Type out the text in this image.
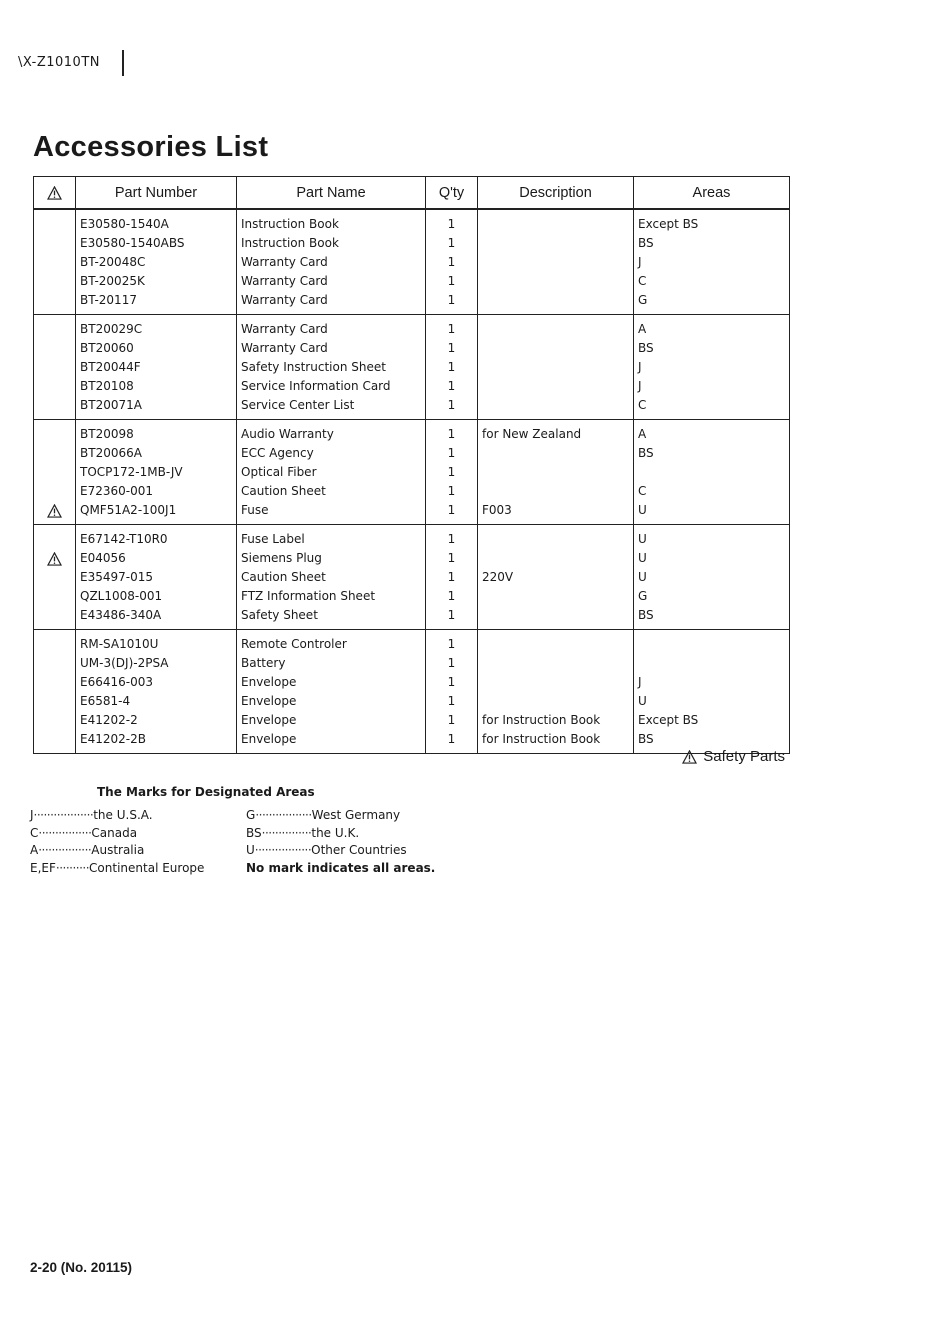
\X-Z1010TN
Accessories List
	Part Number	Part Name	Q'ty	Description	Areas
	E30580-1540A	Instruction Book	1		Except BS
	E30580-1540ABS	Instruction Book	1		BS
	BT-20048C	Warranty Card	1		J
	BT-20025K	Warranty Card	1		C
	BT-20117	Warranty Card	1		G
	BT20029C	Warranty Card	1		A
	BT20060	Warranty Card	1		BS
	BT20044F	Safety Instruction Sheet	1		J
	BT20108	Service Information Card	1		J
	BT20071A	Service Center List	1		C
	BT20098	Audio Warranty	1	for New Zealand	A
	BT20066A	ECC Agency	1		BS
	TOCP172-1MB-JV	Optical Fiber	1		
	E72360-001	Caution Sheet	1		C
	QMF51A2-100J1	Fuse	1	F003	U
	E67142-T10R0	Fuse Label	1		U
	E04056	Siemens Plug	1		U
	E35497-015	Caution Sheet	1	220V	U
	QZL1008-001	FTZ Information Sheet	1		G
	E43486-340A	Safety Sheet	1		BS
	RM-SA1010U	Remote Controler	1		
	UM-3(DJ)-2PSA	Battery	1		
	E66416-003	Envelope	1		J
	E6581-4	Envelope	1		U
	E41202-2	Envelope	1	for Instruction Book	Except BS
	E41202-2B	Envelope	1	for Instruction Book	BS
Safety Parts
The Marks for Designated Areas
J··················the U.S.A.
C················Canada
A················Australia
E,EF··········Continental Europe
G·················West Germany
BS···············the U.K.
U·················Other Countries
No mark indicates all areas.
2-20 (No. 20115)
